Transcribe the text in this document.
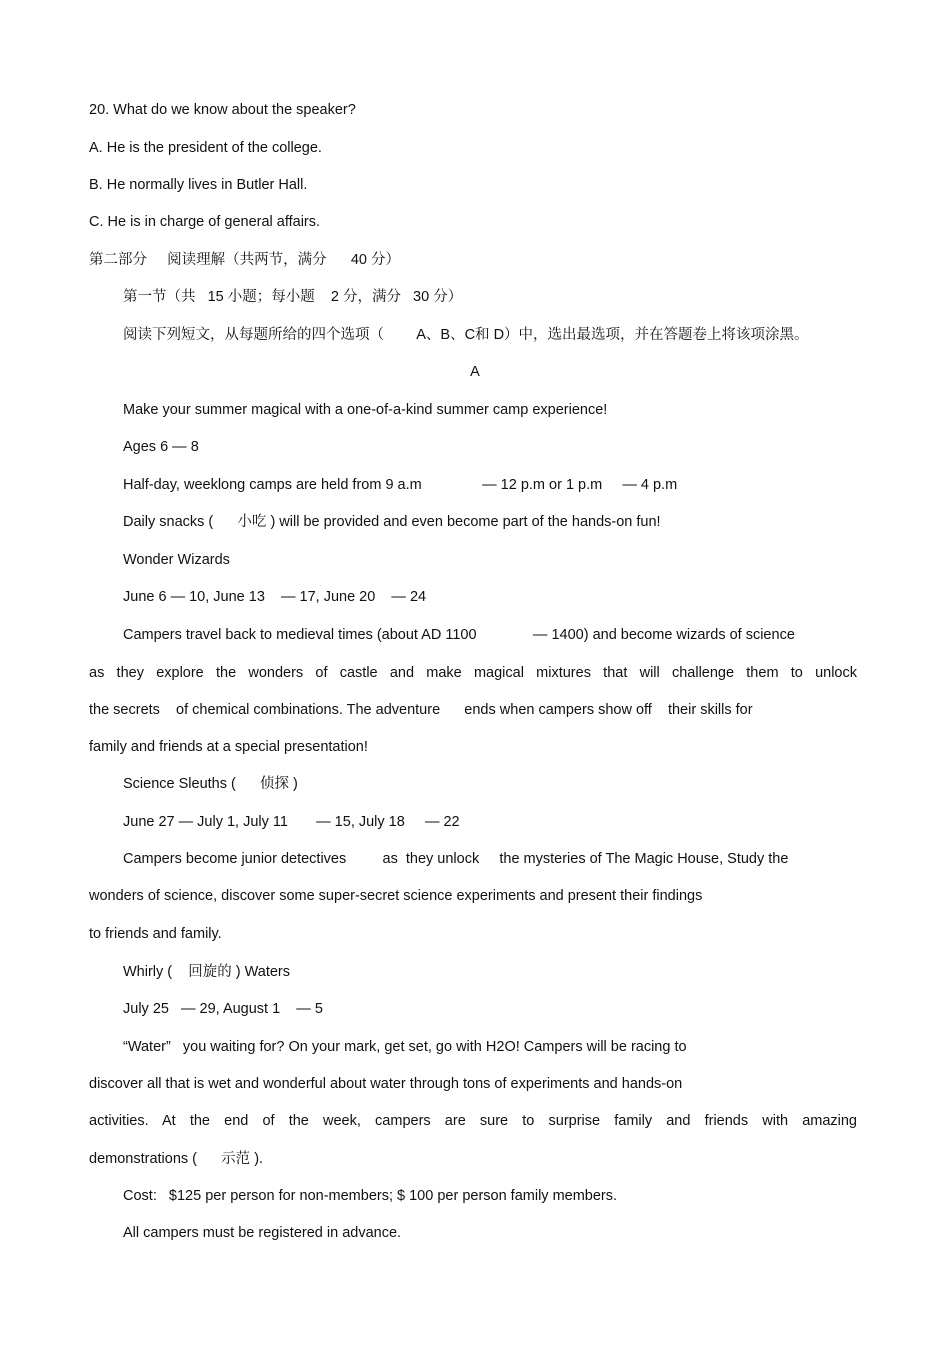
20. What do we know about the speaker?
A. He is the president of the college.
B. He normally lives in Butler Hall.
C. He is in charge of general affairs.
第二部分     阅读理解（共两节，满分      40 分）
第一节（共   15 小题；每小题    2 分，满分   30 分）
阅读下列短文，从每题所给的四个选项（        A、B、C和 D）中，选出最选项，并在答题卷上将该项涂黑。
A
Make your summer magical with a one-of-a-kind summer camp experience!
Ages 6 — 8
Half-day, weeklong camps are held from 9 a.m               — 12 p.m or 1 p.m     — 4 p.m
Daily snacks (      小吃 ) will be provided and even become part of the hands-on fun!
Wonder Wizards
June 6 — 10, June 13    — 17, June 20    — 24
Campers travel back to medieval times (about AD 1100              — 1400) and become wizards of science
as they explore the wonders of castle and make magical mixtures that will challenge them to unlock
the secrets    of chemical combinations. The adventure      ends when campers show off    their skills for
family and friends at a special presentation!
Science Sleuths (      侦探 )
June 27 — July 1, July 11       — 15, July 18     — 22
Campers become junior detectives         as  they unlock     the mysteries of The Magic House, Study the
wonders of science, discover some super-secret science experiments and present their findings
to friends and family.
Whirly (    回旋的 ) Waters
July 25   — 29, August 1    — 5
“Water”   you waiting for? On your mark, get set, go with H2O! Campers will be racing to
discover all that is wet and wonderful about water through tons of experiments and hands-on
activities. At the end of the week, campers are sure to surprise family and friends with amazing
demonstrations (      示范 ).
Cost:   $125 per person for non-members; $ 100 per person family members.
All campers must be registered in advance.
